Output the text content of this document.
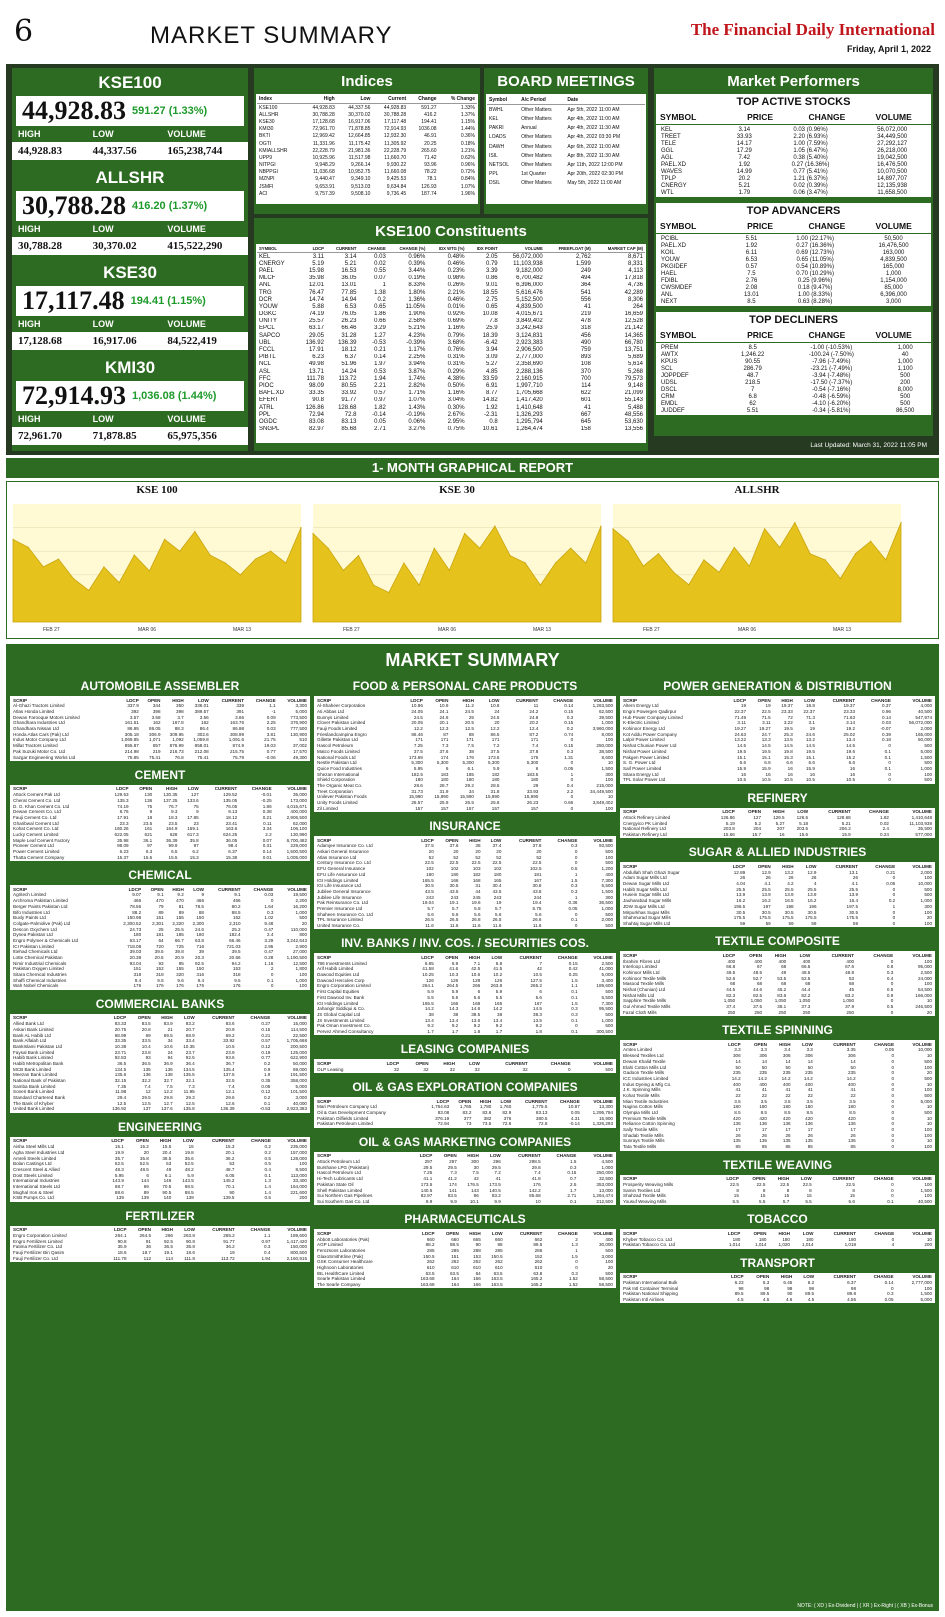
6	MARKET SUMMARY	The Financial Daily International
Friday, April 1, 2022
KSE100
44,928.83 591.27 (1.33%)
HIGH	LOW	VOLUME
44,928.83	44,337.56	165,238,744
ALLSHR
30,788.28 416.20 (1.37%)
HIGH	LOW	VOLUME
30,788.28	30,370.02	415,522,290
KSE30
17,117.48 194.41 (1.15%)
HIGH	LOW	VOLUME
17,128.68	16,917.06	84,522,419
KMI30
72,914.93 1,036.08 (1.44%)
HIGH	LOW	VOLUME
72,961.70	71,878.85	65,975,356
Indices
Index	High	Low	Current	Change	% Change
KSE100	44,928.83	44,337.56	44,928.83	591.27	1.33%
ALLSHR	30,788.28	30,370.02	30,788.28	416.2	1.37%
KSE30	17,128.68	16,917.06	17,117.48	194.41	1.15%
KMI30	72,961.70	71,878.85	72,914.93	1036.08	1.44%
BKTI	12,969.42	12,664.85	12,932.30	46.91	0.36%
OGTI	11,331.96	11,175.42	11,305.92	20.25	0.18%
KMIALLSHR	22,228.79	21,981.36	22,228.79	265.60	1.21%
UPP9	10,925.96	11,517.98	11,660.70	71.42	0.62%
NITPGI	9,948.29	9,266.14	9,930.22	93.96	0.96%
NBPPGI	11,036.68	10,952.75	11,660.08	78.22	0.72%
MZNPI	9,440.47	9,349.10	9,425.53	78.1	0.84%
JSMFI	9,653.91	9,513.03	9,634.84	126.93	1.07%
ACI	9,757.39	9,508.10	9,736.45	187.74	1.96%
BOARD MEETINGS
Symbol	A/c Period	Date
BWHL	Other Matters	Apr 5th, 2022 11:00 AM
KEL	Other Matters	Apr 4th, 2022 11:00 AM
PAKRI	Annual	Apr 4th, 2022 11:30 AM
LOADS	Other Matters	Apr 4th, 2022 03:30 PM
DAWH	Other Matters	Apr 6th, 2022 11:00 AM
ISIL	Other Matters	Apr 8th, 2022 11:30 AM
NETSOL	Other Matters	Apr 11th, 2022 12:00 PM
PPL	1st Quarter	Apr 20th, 2022 02:30 PM
DSIL	Other Matters	May 5th, 2022 11:00 AM
KSE100 Constituents
SYMBOL	LDCP	CURRENT	CHANGE	CHANGE (%)	IDX WTG (%)	IDX POINT	VOLUME	FREEFLOAT (M)	MARKET CAP (M)
KEL	3.11	3.14	0.03	0.96%	0.48%	2.05	56,072,000	2,762	8,671
CNERGY	5.19	5.21	0.02	0.39%	0.46%	0.79	11,103,938	1,599	8,331
PAEL	15.98	16.53	0.55	3.44%	0.23%	3.39	9,182,000	249	4,113
MLCF	35.98	36.05	0.07	0.19%	0.98%	0.86	6,700,482	494	17,818
ANL	12.01	13.01	1	8.33%	0.26%	9.01	6,396,000	364	4,736
TRG	76.47	77.85	1.38	1.80%	2.21%	18.55	5,616,476	541	42,289
DCR	14.74	14.94	0.2	1.36%	0.46%	2.75	5,152,500	556	8,306
YOUW	5.88	6.53	0.65	11.05%	0.01%	0.65	4,839,500	41	264
DGKC	74.19	76.05	1.86	1.90%	0.92%	10.08	4,015,671	219	16,659
UNITY	25.57	26.23	0.66	2.58%	0.69%	7.8	3,849,402	478	12,528
EPCL	63.17	66.46	3.29	5.21%	1.16%	25.9	3,242,643	318	21,142
SAPCO	29.05	31.28	1.27	4.23%	0.79%	18.39	3,124,831	456	14,365
UBL	136.92	136.39	-0.53	-0.39%	3.68%	-6.42	2,923,383	490	66,780
FCCL	17.91	18.12	0.21	1.17%	0.76%	3.94	2,906,500	759	13,751
PIBTL	6.23	6.37	0.14	2.25%	0.31%	3.09	2,777,000	893	5,689
NCL	49.98	51.96	1.97	3.94%	0.31%	5.27	2,358,690	108	5,614
ASL	13.71	14.24	0.53	3.87%	0.29%	4.85	2,288,136	370	5,268
FFC	111.78	113.72	1.94	1.74%	4.38%	33.59	2,160,915	700	79,573
PIOC	98.09	80.55	2.21	2.82%	0.50%	6.91	1,997,710	114	9,148
BAFL.XD	33.35	33.92	0.57	1.71%	1.16%	8.77	1,705,668	622	21,099
EFERT	90.8	91.77	0.97	1.07%	3.04%	14.82	1,417,420	601	55,143
ATRL	126.86	128.68	1.82	1.43%	0.30%	1.92	1,410,648	41	5,488
PPL	72.94	72.8	-0.14	-0.19%	2.67%	-2.31	1,326,293	667	48,556
OGDC	83.08	83.13	0.05	0.06%	2.95%	0.8	1,295,794	645	53,630
SNGPL	82.97	85.68	2.71	3.27%	0.75%	10.61	1,264,474	158	13,556
Market Performers
TOP ACTIVE STOCKS
SYMBOL	PRICE	CHANGE	VOLUME
KEL	3.14	0.03 (0.96%)	56,072,000
TREET	33.93	2.20 (6.93%)	34,449,500
TELE	14.17	1.00 (7.59%)	27,292,127
GGL	17.29	1.05 (6.47%)	26,218,000
AGL	7.42	0.38 (5.40%)	19,042,500
PAEL.XD	1.92	0.27 (16.36%)	16,476,500
WAVES	14.99	0.77 (5.41%)	10,070,500
TPLP	20.2	1.21 (6.37%)	14,897,707
CNERGY	5.21	0.02 (0.39%)	12,135,938
WTL	1.79	0.06 (3.47%)	11,658,500
TOP ADVANCERS
SYMBOL	PRICE	CHANGE	VOLUME
PCIBL	5.51	1.00 (22.17%)	50,500
PAEL.XD	1.92	0.27 (16.36%)	16,476,500
KOIL	6.11	0.69 (12.73%)	163,000
YOUW	6.53	0.65 (11.05%)	4,839,500
PKGIDEF	0.57	0.54 (10.89%)	165,000
HAEL	7.5	0.70 (10.29%)	1,000
FDIBL	2.76	0.25 (9.96%)	1,154,000
CWSMDEF	2.08	0.18 (9.47%)	85,000
ANL	13.01	1.00 (8.33%)	6,396,000
NEXT	8.5	0.63 (8.28%)	3,000
TOP DECLINERS
SYMBOL	PRICE	CHANGE	VOLUME
PREM	8.5	-1.00 (-10.53%)	1,000
AWTX	1,246.22	-100.24 (-7.50%)	40
KPUS	90.55	-7.96 (-7.49%)	1,000
SCL	286.79	-23.21 (-7.49%)	1,100
JOPPDEF	48.7	-3.94 (-7.48%)	500
UDSL	218.5	-17.50 (-7.37%)	200
DSCL	7	-0.54 (-7.16%)	8,000
CRM	6.8	-0.48 (-6.59%)	500
EMDL	62	-4.10 (-6.20%)	500
JUDDEF	5.51	-0.34 (-5.81%)	86,500
Last Updated: March 31, 2022 11:05 PM
1- MONTH GRAPHICAL REPORT
FEB 27	MAR 06	MAR 13
KSE 100
FEB 27	MAR 06	MAR 13
KSE 30
FEB 27	MAR 06	MAR 13
ALLSHR
MARKET SUMMARY
AUTOMOBILE ASSEMBLER
SCRIP	LDCP	OPEN	HIGH	LOW	CURRENT	CHANGE	VOLUME
Al-Ghazi Tractors Limited	337.9	344	350	336.01	339	1.1	3,300
Atlas Honda Limited	392	398	398	389.57	391	-1	5,000
Dewan Farooque Motors Limited	3.57	3.58	3.7	3.56	3.66	0.09	773,500
Ghandhara Industries Ltd	161.51	162	167.8	162	163.76	2.25	376,900
Ghandhara Nissan Ltd	86.95	86.05	88.3	86.4	86.98	0.03	777,500
Honda Atlas Cars (Pak) Ltd	305.18	306.9	309.95	302.6	308.99	3.81	130,900
Indus Motor Company Ltd	1,069.85	1,071	1,092	1,059.8	1,091.6	21.75	510
Millat Tractors Limited	855.87	857	876.99	858.01	874.9	19.03	37,002
Pak Suzuki Motor Co. Ltd	214.98	219	216.73	212.08	215.75	0.77	17,570
Sazgar Engineering Works Ltd	75.85	75.41	76.8	75.41	75.79	-0.06	49,300
CEMENT
SCRIP	LDCP	OPEN	HIGH	LOW	CURRENT	CHANGE	VOLUME
Attock Cement Pak Ltd	129.53	130	130.35	127	129.52	-0.01	35,000
Cherat Cement Co. Ltd	135.3	136	137.25	133.6	135.05	-0.25	173,000
D. G. Khan Cement Co. Ltd	74.19	75	76.7	75	76.05	1.86	4,015,671
Dewan Cement Co. Ltd	8.75	9	9.3	9	9.13	0.38	400,000
Fauji Cement Co. Ltd	17.91	18	18.3	17.85	18.12	0.21	2,906,500
Gharibwal Cement Ltd	23.3	23.5	23.5	23	23.41	0.11	62,000
Kohat Cement Co. Ltd	160.26	161	164.9	159.1	163.6	3.34	106,100
Lucky Cement Limited	622.05	621	628	617.3	624.25	2.2	130,990
Maple Leaf Cement Factory	35.98	36.1	36.39	35.8	36.05	0.07	6,700,482
Pioneer Cement Ltd	98.09	97	99.9	97	98.4	0.31	229,000
Power Cement Limited	6.23	6.3	6.5	6.2	6.37	0.14	1,500,500
Thatta Cement Company	15.37	15.5	15.5	15.3	15.38	0.01	1,005,000
CHEMICAL
SCRIP	LDCP	OPEN	HIGH	LOW	CURRENT	CHANGE	VOLUME
Agritech Limited	9.07	9.1	9.2	9	9.1	0.03	19,500
Archroma Pakistan Limited	466	470	470	466	466	0	2,200
Berger Paints Pakistan Ltd	78.56	79	81	78.5	80.2	1.64	16,200
Bifo Industries Ltd	88.2	89	89	88	88.5	0.3	1,000
Buxly Paints Ltd	150.98	151	155	150	152	1.02	500
Colgate-Palmolive (Pak) Ltd	2,300.52	2,301	2,320	2,300	2,310	9.48	20
Descon Oxychem Ltd	24.73	25	25.5	24.6	25.2	0.47	110,000
Dynea Pakistan Ltd	180	181	185	180	182.4	2.4	800
Engro Polymer & Chemicals Ltd	63.17	64	66.7	63.8	66.46	3.29	3,242,643
ICI Pakistan Limited	718.08	720	725	716	721.03	2.95	2,900
Ittehad Chemicals Ltd	39.03	39.5	39.8	39	39.5	0.47	27,000
Lotte Chemical Pakistan	20.38	20.5	20.9	20.3	20.66	0.28	1,190,500
Nimir Industrial Chemicals	93.04	93	95	92.5	94.2	1.16	12,500
Pakistan Oxygen Limited	151	152	155	150	153	2	1,800
Sitara Chemical Industries	318	318	320	316	318	0	100
Shaffi Chemical Industries	9.4	9.5	9.6	9.4	9.5	0.1	1,000
Wah Nobel Chemicals	176	176	176	176	176	0	100
COMMERCIAL BANKS
SCRIP	LDCP	OPEN	HIGH	LOW	CURRENT	CHANGE	VOLUME
Allied Bank Ltd	83.33	83.5	83.9	83.2	83.6	0.27	15,000
Askari Bank Limited	20.75	20.8	21	20.7	20.9	0.15	114,500
Bank AL Habib Ltd	68.99	69	69.5	68.9	69.2	0.21	22,500
Bank Alfalah Ltd	33.35	33.5	34	33.4	33.92	0.57	1,705,668
BankIslami Pakistan Ltd	10.38	10.4	10.6	10.35	10.5	0.12	200,500
Faysal Bank Limited	23.71	23.8	24	23.7	23.9	0.19	125,000
Habib Bank Limited	92.83	93	94	92.5	93.6	0.77	622,900
Habib Metropolitan Bank	36.5	36.5	36.9	36.4	36.7	0.2	50,000
MCB Bank Limited	134.5	135	136	134.5	135.4	0.9	69,000
Meezan Bank Limited	135.6	136	138	135.5	137.5	1.9	191,500
National Bank of Pakistan	32.15	32.2	32.7	32.1	32.5	0.35	358,000
Samba Bank Limited	7.35	7.4	7.5	7.3	7.4	0.05	5,000
Soneri Bank Limited	11.98	12	12.2	11.95	12.1	0.12	101,500
Standard Chartered Bank	29.4	29.5	29.8	29.3	29.6	0.2	3,000
The Bank of Khyber	12.5	12.5	12.7	12.5	12.6	0.1	40,000
United Bank Limited	136.92	137	137.6	135.8	136.39	-0.53	2,923,383
ENGINEERING
SCRIP	LDCP	OPEN	HIGH	LOW	CURRENT	CHANGE	VOLUME
Aisha Steel Mills Ltd	15.1	15.2	15.5	15	15.3	0.2	235,000
Agha Steel Industries Ltd	19.9	20	20.4	19.8	20.1	0.2	157,000
Amreli Steels Limited	35.7	35.8	36.5	35.6	36.2	0.5	128,000
Bolan Castings Ltd	52.5	52.5	53	52.5	53	0.5	100
Crescent Steel & Allied	48.3	48.5	49	48.2	48.7	0.4	8,500
Dost Steels Limited	5.95	6	6.1	5.9	6.05	0.1	113,000
International Industries	143.9	144	146	143.5	145.2	1.3	33,400
International Steels Ltd	68.7	69	70.5	68.5	70.1	1.4	164,000
Mughal Iron & Steel	88.6	89	90.5	88.5	90	1.4	221,600
KSB Pumps Co. Ltd	139	139	140	138	139.5	0.5	200
FERTILIZER
SCRIP	LDCP	OPEN	HIGH	LOW	CURRENT	CHANGE	VOLUME
Engro Corporation Limited	264.1	264.5	266	263.8	265.2	1.1	189,600
Engro Fertilizers Limited	90.8	91	92.5	90.8	91.77	0.97	1,417,420
Fatima Fertilizer Co. Ltd	35.9	36	36.5	35.8	36.2	0.3	150,000
Fauji Fertilizer Bin Qasim	18.6	18.7	19.1	18.6	19	0.4	800,500
Fauji Fertilizer Co. Ltd	111.78	112	114	111.8	113.72	1.94	2,160,915
FOOD & PERSONAL CARE PRODUCTS
SCRIP	LDCP	OPEN	HIGH	LOW	CURRENT	CHANGE	VOLUME
Al-Shaheer Corporation	10.86	10.9	11.2	10.8	11	0.14	1,263,500
Ati Abbas Ltd	24.05	24.1	24.5	24	24.2	0.15	62,500
Bunnys Limited	24.5	24.6	25	24.5	24.8	0.3	39,500
Clover Pakistan Limited	20.05	20.1	20.5	20	20.2	0.15	1,000
Fauji Foods Limited	12.2	12.3	12.5	12.2	12.4	0.2	3,960,000
Frieslandcampina Engro	86.46	87	88	86.5	87.2	0.74	8,000
Gillette Pakistan Ltd	171	171	171	171	171	0	100
Hascol Petroleum	7.25	7.3	7.5	7.2	7.4	0.15	250,000
Matco Foods Limited	37.5	37.6	38	37.5	37.8	0.3	38,500
National Foods Ltd	173.69	174	176	173.5	175	1.31	8,600
Nestle Pakistan Ltd	5,300	5,300	5,300	5,300	5,300	0	10
Quice Food Industries	5.95	6	6.1	5.9	6	0.05	1,500
Shezan International	182.5	183	185	182	183.5	1	300
Shield Corporation	180	180	180	180	180	0	100
The Organic Meat Co.	28.6	28.7	29.2	28.5	29	0.4	215,000
Treet Corporation	31.73	31.9	34	31.8	33.93	2.2	34,449,500
Unilever Pakistan Foods	15,990	15,990	15,990	15,990	15,990	0	10
Unity Foods Limited	25.57	25.9	26.5	25.8	26.23	0.66	3,849,402
Zil Limited	157	157	157	157	157	0	100
INSURANCE
SCRIP	LDCP	OPEN	HIGH	LOW	CURRENT	CHANGE	VOLUME
Adamjee Insurance Co. Ltd	37.5	37.6	38	37.4	37.8	0.3	93,500
Askari General Insurance	20	20	20	20	20	0	500
Atlas Insurance Ltd	52	52	52	52	52	0	100
Century Insurance Co. Ltd	22.5	22.5	22.5	22.5	22.5	0	500
EFU General Insurance	102	102	103	102	102.5	0.5	1,200
EFU Life Assurance Ltd	180	180	182	180	181	1	400
IGI Holdings Limited	165.5	166	168	165	167	1.5	7,300
IGI Life Insurance Ltd	30.5	30.5	31	30.4	30.8	0.3	5,500
Jubilee General Insurance	43.5	43.5	44	43.5	43.8	0.3	1,500
Jubilee Life Insurance	243	243	245	243	244	1	300
Pak Reinsurance Co. Ltd	19.04	19.1	19.6	19	19.4	0.36	36,500
Premier Insurance Ltd	5.7	5.7	5.8	5.7	5.75	0.05	1,000
Shaheen Insurance Co. Ltd	5.6	5.6	5.6	5.6	5.6	0	500
TPL Insurance Limited	26.5	26.5	26.8	26.5	26.6	0.1	2,000
United Insurance Co.	11.6	11.6	11.6	11.6	11.6	0	500
INV. BANKS / INV. COS. / SECURITIES COS.
SCRIP	LDCP	OPEN	HIGH	LOW	CURRENT	CHANGE	VOLUME
786 Investments Limited	6.85	6.9	7.1	6.8	7	0.15	2,500
Arif Habib Limited	41.58	41.6	42.5	41.5	42	0.42	41,000
Dawood Equities Ltd	10.25	10.3	10.6	10.2	10.5	0.25	5,000
Dawood Hercules Corp	126	126	128	126	127.5	1.5	3,400
Engro Corporation Limited	264.1	264.5	266	263.8	265.2	1.1	189,600
First Capital Equities	5.9	5.9	6	5.9	6	0.1	500
First Dawood Inv. Bank	5.5	5.5	5.6	5.5	5.6	0.1	5,500
IGI Holdings Limited	165.5	166	168	165	167	1.5	7,300
Jahangir Siddiqui & Co.	14.2	14.3	14.6	14.2	14.5	0.3	95,500
JS Global Capital Ltd	38	38	38.5	38	38.3	0.3	500
JS Investments Limited	13.4	13.4	13.6	13.4	13.5	0.1	1,000
Pak Oman Investment Co.	9.2	9.2	9.2	9.2	9.2	0	500
Pervez Ahmed Consultancy	1.7	1.7	1.8	1.7	1.8	0.1	300,500
LEASING COMPANIES
SCRIP	LDCP	OPEN	HIGH	LOW	CURRENT	CHANGE	VOLUME
OLP Leasing	32	32	32	32	32	0	500
OIL & GAS EXPLORATION COMPANIES
SCRIP	LDCP	OPEN	HIGH	LOW	CURRENT	CHANGE	VOLUME
Mari Petroleum Company Ltd	1,764.63	1,765	1,780	1,760	1,775.5	10.87	13,300
Oil & Gas Development Company	83.08	83.2	83.6	82.9	83.13	0.05	1,295,794
Pakistan Oilfields Limited	376.19	377	382	376	380.5	4.31	15,900
Pakistan Petroleum Limited	72.94	73	73.5	72.6	72.8	-0.14	1,326,293
OIL & GAS MARKETING COMPANIES
SCRIP	LDCP	OPEN	HIGH	LOW	CURRENT	CHANGE	VOLUME
Attock Petroleum Ltd	297	297	300	296	298.5	1.5	4,500
Burshane LPG (Pakistan)	29.5	29.5	30	29.5	29.8	0.3	1,000
Hascol Petroleum Ltd	7.25	7.3	7.5	7.2	7.4	0.15	250,000
Hi-Tech Lubricants Ltd	41.1	41.2	42	41	41.8	0.7	32,500
Pakistan State Oil	173.5	174	176.5	173.5	176	2.5	353,000
Shell Pakistan Limited	140.5	141	143	140.5	142.2	1.7	13,000
Sui Northern Gas Pipelines	82.97	83.5	86	83.2	85.68	2.71	1,264,474
Sui Southern Gas Co. Ltd	9.9	9.9	10.1	9.9	10	0.1	212,500
PHARMACEUTICALS
SCRIP	LDCP	OPEN	HIGH	LOW	CURRENT	CHANGE	VOLUME
Abbott Laboratories (Pak)	660	660	665	660	662	2	400
AGP Limited	88.2	88.5	90	88	89.5	1.3	30,000
Ferozsons Laboratories	285	285	288	285	286	1	500
GlaxoSmithKline (Pak)	150.5	151	153	150.5	152	1.5	3,000
GSK Consumer Healthcare	262	262	262	262	262	0	100
Highnoon Laboratories	610	610	610	610	610	0	20
IBL HealthCare Limited	63.5	63.5	64	63.5	63.8	0.3	500
Searle Pakistan Limited	163.68	164	166	163.5	165.2	1.52	58,500
The Searle Company	163.68	164	166	163.5	165.2	1.52	58,500
POWER GENERATION & DISTRIBUTION
SCRIP	LDCP	OPEN	HIGH	LOW	CURRENT	CHANGE	VOLUME
Altern Energy Ltd	19	19	19.37	18.8	19.37	0.37	4,000
Engro Powergen Qadirpur	22.37	22.5	23.33	22.37	23.33	0.96	40,500
Hub Power Company Limited	71.49	71.5	72	71.3	71.63	0.14	547,974
K-Electric Limited	3.11	3.11	3.22	3.1	3.14	0.03	56,072,000
Kohinoor Energy Ltd	19.27	19.27	19.5	19	19.2	-0.07	2,000
Kot Addu Power Company	24.63	24.7	25.3	24.6	25.02	0.39	165,000
Lalpir Power Limited	13.22	13.3	13.5	13.2	13.4	0.18	50,000
Nishat Chunian Power Ltd	14.5	14.5	14.5	14.5	14.5	0	500
Nishat Power Limited	19.5	19.5	19.8	19.5	19.6	0.1	5,000
Pakgen Power Limited	15.1	15.1	15.3	15.1	15.2	0.1	1,500
S. G. Power Ltd	6.6	6.6	6.6	6.6	6.6	0	500
Saif Power Limited	15.9	15.9	16	15.9	16	0.1	1,000
Sitara Energy Ltd	16	16	16	16	16	0	100
TPL Solar Power Ltd	10.5	10.5	10.5	10.5	10.5	0	500
REFINERY
SCRIP	LDCP	OPEN	HIGH	LOW	CURRENT	CHANGE	VOLUME
Attock Refinery Limited	126.86	127	129.5	126.5	128.68	1.82	1,410,648
Cnergyico PK Limited	5.19	5.2	5.27	5.18	5.21	0.02	11,103,938
National Refinery Ltd	203.8	204	207	203.5	206.2	2.4	35,500
Pakistan Refinery Ltd	15.66	15.7	16	15.6	15.9	0.24	577,000
SUGAR & ALLIED INDUSTRIES
SCRIP	LDCP	OPEN	HIGH	LOW	CURRENT	CHANGE	VOLUME
Abdullah Shah Ghazi Sugar	12.89	12.9	13.2	12.9	13.1	0.21	2,000
Adam Sugar Mills Ltd	26	26	26	26	26	0	100
Dewan Sugar Mills Ltd	4.04	4.1	4.2	4	4.1	0.06	10,000
Habib Sugar Mills Ltd	25.5	25.5	25.5	25.5	25.5	0	500
Husein Sugar Mills Ltd	13.9	13.9	13.9	13.9	13.9	0	500
Jauharabad Sugar Mills	16.2	16.2	16.5	16.2	16.4	0.2	1,000
JDW Sugar Mills Ltd	196.5	197	198	196	197.5	1	300
Mirpurkhas Sugar Mills	30.5	30.5	30.5	30.5	30.5	0	100
Shahmurad Sugar Mills	175.5	175.5	175.5	175.5	175.5	0	20
Shahtaj Sugar Mills Ltd	59	59	59	59	59	0	100
TEXTILE COMPOSITE
SCRIP	LDCP	OPEN	HIGH	LOW	CURRENT	CHANGE	VOLUME
Ibrahim Fibres Ltd	400	400	400	400	400	0	100
Interloop Limited	66.8	67	68	66.5	67.6	0.8	95,000
Kohinoor Mills Ltd	48.5	48.5	49	48.5	48.8	0.3	2,500
Kohinoor Textile Mills	52.6	52.7	53.5	52.5	53	0.4	24,000
Masood Textile Mills	68	68	68	68	68	0	100
Nishat (Chunian) Ltd	44.5	44.6	45.2	44.4	45	0.5	54,500
Nishat Mills Ltd	82.3	82.5	83.6	82.2	83.2	0.9	166,000
Sapphire Textile Mills	1,050	1,050	1,050	1,050	1,050	0	10
Gul Ahmed Textile Mills	37.4	37.5	38.1	37.3	37.9	0.5	246,500
Fazal Cloth Mills	250	250	250	250	250	0	20
TEXTILE SPINNING
SCRIP	LDCP	OPEN	HIGH	LOW	CURRENT	CHANGE	VOLUME
Amtex Limited	3.3	3.3	3.4	3.3	3.35	0.05	10,000
Blessed Textiles Ltd	306	306	306	306	306	0	10
Dewan Khalid Textile	14	14	14	14	14	0	500
Elahi Cotton Mills Ltd	50	50	50	50	50	0	100
Gadoon Textile Mills	235	235	235	235	235	0	20
ICC Industries Limited	14.2	14.2	14.2	14.2	14.2	0	500
Indus Dyeing & Mfg Co.	400	400	400	400	400	0	10
J.K. Spinning Mills	41	41	41	41	41	0	100
Kohat Textile Mills	22	22	22	22	22	0	500
Mian Textile Industries	3.5	3.5	3.5	3.5	3.5	0	5,000
Nagina Cotton Mills	180	180	180	180	180	0	10
Olympia Mills Ltd	8.5	8.5	8.5	8.5	8.5	0	500
Premium Textile Mills	420	420	420	420	420	0	10
Reliance Cotton Spinning	136	136	136	136	136	0	10
Sally Textile Mills	17	17	17	17	17	0	100
Shadab Textile Mills	26	26	26	26	26	0	100
Sunrays Textile Mills	135	135	135	135	135	0	10
Tata Textile Mills	85	85	85	85	85	0	100
TEXTILE WEAVING
SCRIP	LDCP	OPEN	HIGH	LOW	CURRENT	CHANGE	VOLUME
Prosperity Weaving Mills	22.5	22.5	22.5	22.5	22.5	0	100
Samin Textiles Ltd	8	8	8	8	8	0	1,500
Shahzad Textile Mills	15	15	15	15	15	0	100
Yousuf Weaving Mills	5.5	5.5	5.7	5.5	5.6	0.1	40,500
TOBACCO
SCRIP	LDCP	OPEN	HIGH	LOW	CURRENT	CHANGE	VOLUME
Khyber Tobacco Co. Ltd	180	180	180	180	180	0	10
Pakistan Tobacco Co. Ltd	1,014	1,014	1,020	1,014	1,018	4	200
TRANSPORT
SCRIP	LDCP	OPEN	HIGH	LOW	CURRENT	CHANGE	VOLUME
Pakistan International Bulk	6.23	6.3	6.45	6.2	6.37	0.14	2,777,000
Pak Intl Container Terminal	98	98	98	98	98	0	100
Pakistan National Shipping	89.5	89.5	90	89.5	89.8	0.3	1,500
Pakistan Intl Airlines	4.5	4.5	4.6	4.5	4.55	0.05	5,000
NOTE: ( XD ) Ex-Dividend | ( XR ) Ex-Right | ( XB ) Ex-Bonus
